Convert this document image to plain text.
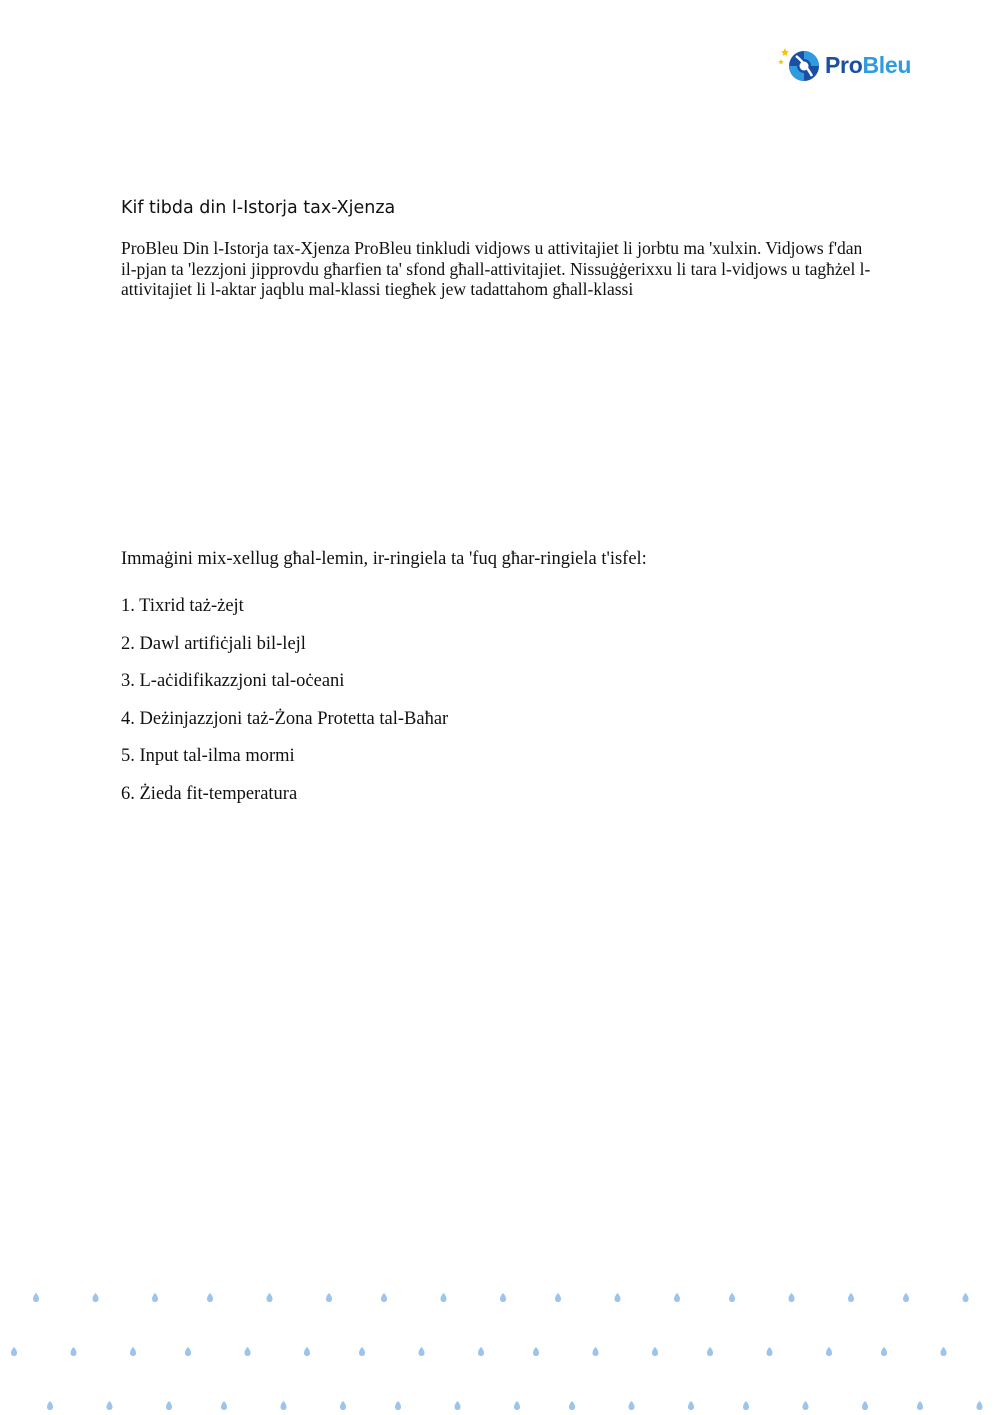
ProBleu
Kif tibda din l-Istorja tax-Xjenza

ProBleu Din l-Istorja tax-Xjenza ProBleu tinkludi vidjows u attivitajiet li jorbtu ma 'xulxin. Vidjows f'dan il-pjan ta 'lezzjoni jipprovdu għarfien ta' sfond għall-attivitajiet. Nissuġġerixxu li tara l-vidjows u tagħżel l-attivitajiet li l-aktar jaqblu mal-klassi tiegħek jew tadattahom għall-klassi

Immaġini mix-xellug għal-lemin, ir-ringiela ta 'fuq għar-ringiela t'isfel:

1. Tixrid taż-żejt
2. Dawl artifiċjali bil-lejl
3. L-aċidifikazzjoni tal-oċeani
4. Deżinjazzjoni taż-Żona Protetta tal-Baħar
5. Input tal-ilma mormi
6. Żieda fit-temperatura
